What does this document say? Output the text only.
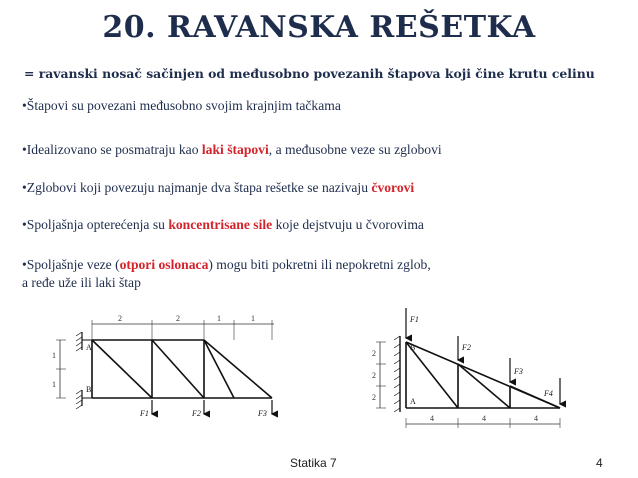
20. RAVANSKA REŠETKA
= ravanski nosač sačinjen od međusobno povezanih štapova koji čine krutu celinu
•Štapovi su povezani međusobno svojim krajnjim tačkama
•Idealizovano se posmatraju kao laki štapovi, a međusobne veze su zglobovi
•Zglobovi koji povezuju najmanje dva štapa rešetke se nazivaju čvorovi
•Spoljašnja opterećenja su koncentrisane sile koje dejstvuju u čvorovima
•Spoljašnje veze (otpori oslonaca) mogu biti pokretni ili nepokretni zglob,
a ređe uže ili laki štap
2	2	1	1
1
1
A
B
F1	F2	F3
2
2
2
4	4	4
B
A
F1
F2
F3
F4
Statika 7	4
